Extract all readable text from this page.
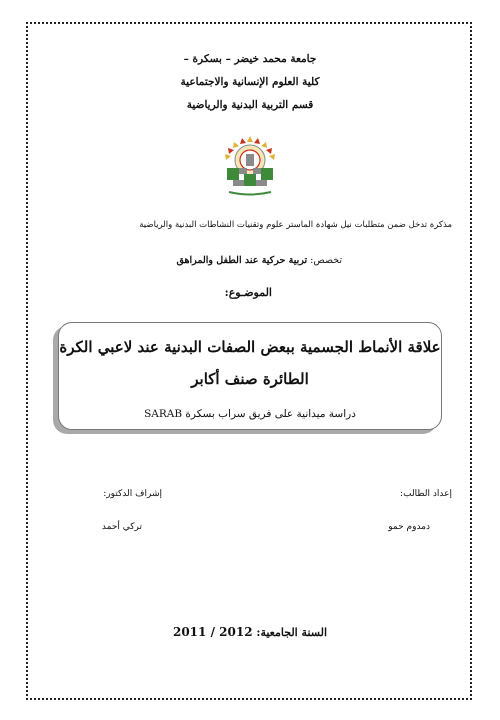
جامعة محمد خيضر – بسكرة –
كلية العلوم الإنسانية والاجتماعية
قسم التربية البدنية والرياضية
مذكرة تدخل ضمن متطلبات نيل شهادة الماستر علوم وتقنيات النشاطات البدنية والرياضية
تخصص: تربية حركية عند الطفل والمراهق
الموضـوع:
علاقة الأنماط الجسمية ببعض الصفات البدنية عند لاعبي الكرة
الطائرة صنف أكابر
دراسة ميدانية على فريق سراب بسكرة SARAB
إعداد الطالب:
إشراف الدكتور:
دمدوم حمو
تركي أحمد
السنة الجامعية: 2012 / 2011
